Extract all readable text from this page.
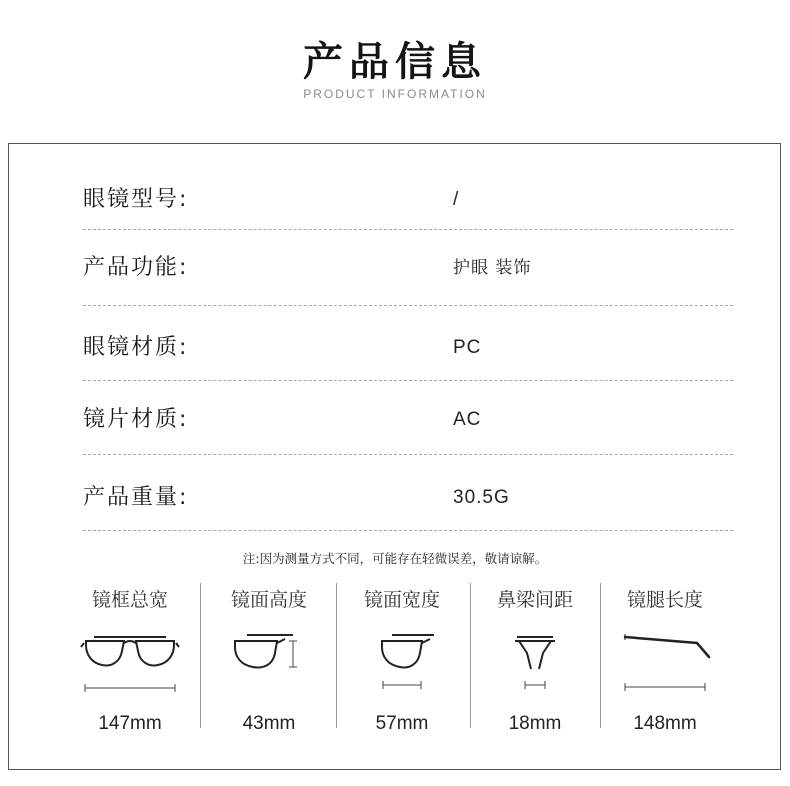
产品信息
PRODUCT INFORMATION
眼镜型号:	/
产品功能:	护眼 装饰
眼镜材质:	PC
镜片材质:	AC
产品重量:	30.5G
注:因为测量方式不同，可能存在轻微误差，敬请谅解。
镜框总宽
147mm
镜面高度
43mm
镜面宽度
57mm
鼻梁间距
18mm
镜腿长度
148mm
